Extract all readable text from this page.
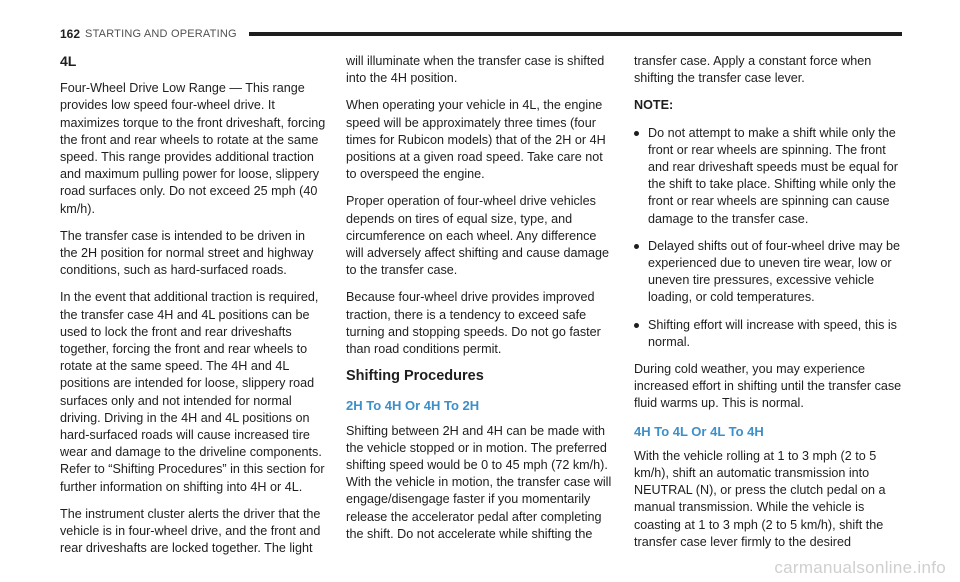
162 STARTING AND OPERATING
4L

Four-Wheel Drive Low Range — This range provides low speed four-wheel drive. It maximizes torque to the front driveshaft, forcing the front and rear wheels to rotate at the same speed. This range provides additional traction and maximum pulling power for loose, slippery road surfaces only. Do not exceed 25 mph (40 km/h).

The transfer case is intended to be driven in the 2H position for normal street and highway conditions, such as hard-surfaced roads.

In the event that additional traction is required, the transfer case 4H and 4L positions can be used to lock the front and rear driveshafts together, forcing the front and rear wheels to rotate at the same speed. The 4H and 4L positions are intended for loose, slippery road surfaces only and not intended for normal driving. Driving in the 4H and 4L positions on hard-surfaced roads will cause increased tire wear and damage to the driveline components. Refer to “Shifting Procedures” in this section for further information on shifting into 4H or 4L.

The instrument cluster alerts the driver that the vehicle is in four-wheel drive, and the front and rear driveshafts are locked together. The light

will illuminate when the transfer case is shifted into the 4H position.

When operating your vehicle in 4L, the engine speed will be approximately three times (four times for Rubicon models) that of the 2H or 4H positions at a given road speed. Take care not to overspeed the engine.

Proper operation of four-wheel drive vehicles depends on tires of equal size, type, and circumference on each wheel. Any difference will adversely affect shifting and cause damage to the transfer case.

Because four-wheel drive provides improved traction, there is a tendency to exceed safe turning and stopping speeds. Do not go faster than road conditions permit.

Shifting Procedures
2H To 4H Or 4H To 2H

Shifting between 2H and 4H can be made with the vehicle stopped or in motion. The preferred shifting speed would be 0 to 45 mph (72 km/h). With the vehicle in motion, the transfer case will engage/disengage faster if you momentarily release the accelerator pedal after completing the shift. Do not accelerate while shifting the

transfer case. Apply a constant force when shifting the transfer case lever.

NOTE:
Do not attempt to make a shift while only the front or rear wheels are spinning. The front and rear driveshaft speeds must be equal for the shift to take place. Shifting while only the front or rear wheels are spinning can cause damage to the transfer case.
Delayed shifts out of four-wheel drive may be experienced due to uneven tire wear, low or uneven tire pressures, excessive vehicle loading, or cold temperatures.
Shifting effort will increase with speed, this is normal.

During cold weather, you may experience increased effort in shifting until the transfer case fluid warms up. This is normal.

4H To 4L Or 4L To 4H

With the vehicle rolling at 1 to 3 mph (2 to 5 km/h), shift an automatic transmission into NEUTRAL (N), or press the clutch pedal on a manual transmission. While the vehicle is coasting at 1 to 3 mph (2 to 5 km/h), shift the transfer case lever firmly to the desired

carmanualsonline.info
